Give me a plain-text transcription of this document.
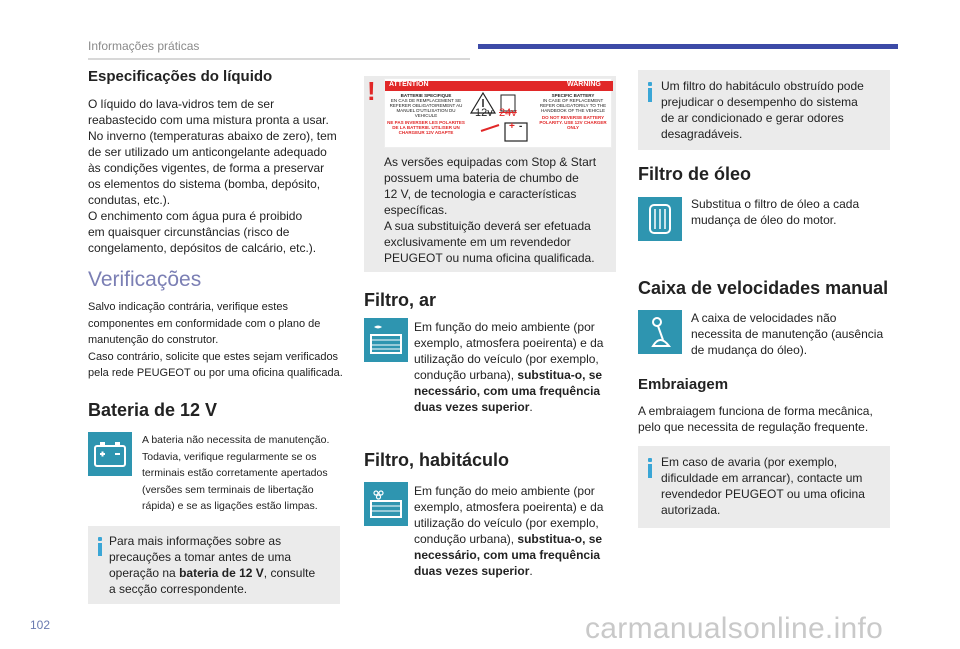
Informações práticas
Especificações do líquido
O líquido do lava-vidros tem de ser
reabastecido com uma mistura pronta a usar.
No inverno (temperaturas abaixo de zero), tem
de ser utilizado um anticongelante adequado
às condições vigentes, de forma a preservar
os elementos do sistema (bomba, depósito,
condutas, etc.).
O enchimento com água pura é proibido
em quaisquer circunstâncias (risco de
congelamento, depósitos de calcário, etc.).
Verificações
Salvo indicação contrária, verifique estes
componentes em conformidade com o plano de
manutenção do construtor.
Caso contrário, solicite que estes sejam verificados
pela rede PEUGEOT ou por uma oficina qualificada.
Bateria de 12 V
A bateria não necessita de manutenção.
Todavia, verifique regularmente se os
terminais estão corretamente apertados
(versões sem terminais de libertação
rápida) e se as ligações estão limpas.
Para mais informações sobre as
precauções a tomar antes de uma
operação na bateria de 12 V, consulte
a secção correspondente.
! ATTENTION	WARNING
BATTERIE SPECIFIQUE
EN CAS DE REMPLACEMENT SE REFERER OBLIGATOIREMENT AU MANUEL D'UTILISATION DU VEHICULE
NE PAS INVERSER LES POLARITES DE LA BATTERIE. UTILISER UN CHARGEUR 12V ADAPTE
SPECIFIC BATTERY
IN CASE OF REPLACEMENT REFER OBLIGATORILY TO THE HANDBOOK OF THE VEHICLE
DO NOT REVERSE BATTERY POLARITY. USE 12V CHARGER ONLY
12v 24v
+ -
As versões equipadas com Stop & Start
possuem uma bateria de chumbo de
12 V, de tecnologia e características
específicas.
A sua substituição deverá ser efetuada
exclusivamente em um revendedor
PEUGEOT ou numa oficina qualificada.
Filtro, ar
Em função do meio ambiente (por
exemplo, atmosfera poeirenta) e da
utilização do veículo (por exemplo,
condução urbana), substitua-o, se
necessário, com uma frequência
duas vezes superior.
Filtro, habitáculo
Em função do meio ambiente (por
exemplo, atmosfera poeirenta) e da
utilização do veículo (por exemplo,
condução urbana), substitua-o, se
necessário, com uma frequência
duas vezes superior.
Um filtro do habitáculo obstruído pode
prejudicar o desempenho do sistema
de ar condicionado e gerar odores
desagradáveis.
Filtro de óleo
Substitua o filtro de óleo a cada
mudança de óleo do motor.
Caixa de velocidades manual
A caixa de velocidades não
necessita de manutenção (ausência
de mudança do óleo).
Embraiagem
A embraiagem funciona de forma mecânica,
pelo que necessita de regulação frequente.
Em caso de avaria (por exemplo,
dificuldade em arrancar), contacte um
revendedor PEUGEOT ou uma oficina
autorizada.
102	carmanualsonline.info
